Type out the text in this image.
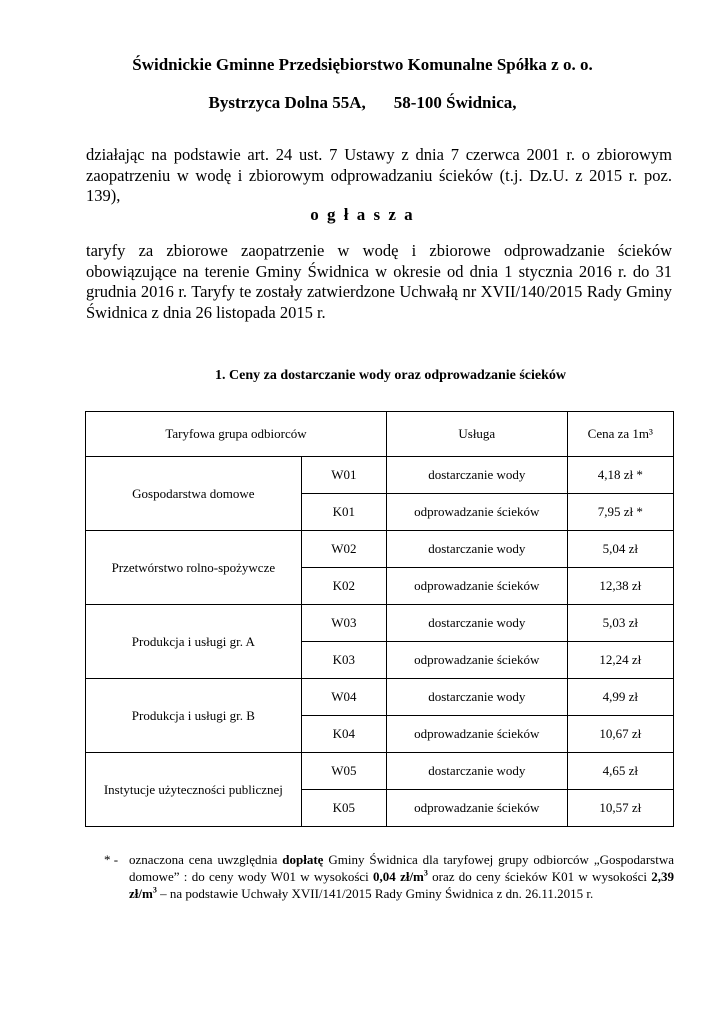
Świdnickie Gminne Przedsiębiorstwo Komunalne Spółka z o. o.
Bystrzyca Dolna 55A, 58-100 Świdnica,
działając na podstawie art. 24 ust. 7 Ustawy z dnia 7 czerwca 2001 r. o zbiorowym zaopatrzeniu w wodę i zbiorowym odprowadzaniu ścieków (t.j. Dz.U. z 2015 r. poz. 139),
o g ł a s z a
taryfy za zbiorowe zaopatrzenie w wodę i zbiorowe odprowadzanie ścieków obowiązujące na terenie Gminy Świdnica w okresie od dnia 1 stycznia 2016 r. do 31 grudnia 2016 r. Taryfy te zostały zatwierdzone Uchwałą nr XVII/140/2015 Rady Gminy Świdnica z dnia 26 listopada 2015 r.
1. Ceny za dostarczanie wody oraz odprowadzanie ścieków
Taryfowa grupa odbiorców		Usługa	Cena za 1m³
Gospodarstwa domowe	W01	dostarczanie wody	4,18 zł *
	K01	odprowadzanie ścieków	7,95 zł *
Przetwórstwo rolno-spożywcze	W02	dostarczanie wody	5,04 zł
	K02	odprowadzanie ścieków	12,38 zł
Produkcja i usługi gr. A	W03	dostarczanie wody	5,03 zł
	K03	odprowadzanie ścieków	12,24 zł
Produkcja i usługi gr. B	W04	dostarczanie wody	4,99 zł
	K04	odprowadzanie ścieków	10,67 zł
Instytucje użyteczności publicznej	W05	dostarczanie wody	4,65 zł
	K05	odprowadzanie ścieków	10,57 zł
* - oznaczona cena uwzględnia dopłatę Gminy Świdnica dla taryfowej grupy odbiorców „Gospodarstwa domowe” : do ceny wody W01 w wysokości 0,04 $zł/m^3$ oraz do ceny ścieków K01 w wysokości 2,39 $zł/m^3$ – na podstawie Uchwały XVII/141/2015 Rady Gminy Świdnica z dn. 26.11.2015 r.
